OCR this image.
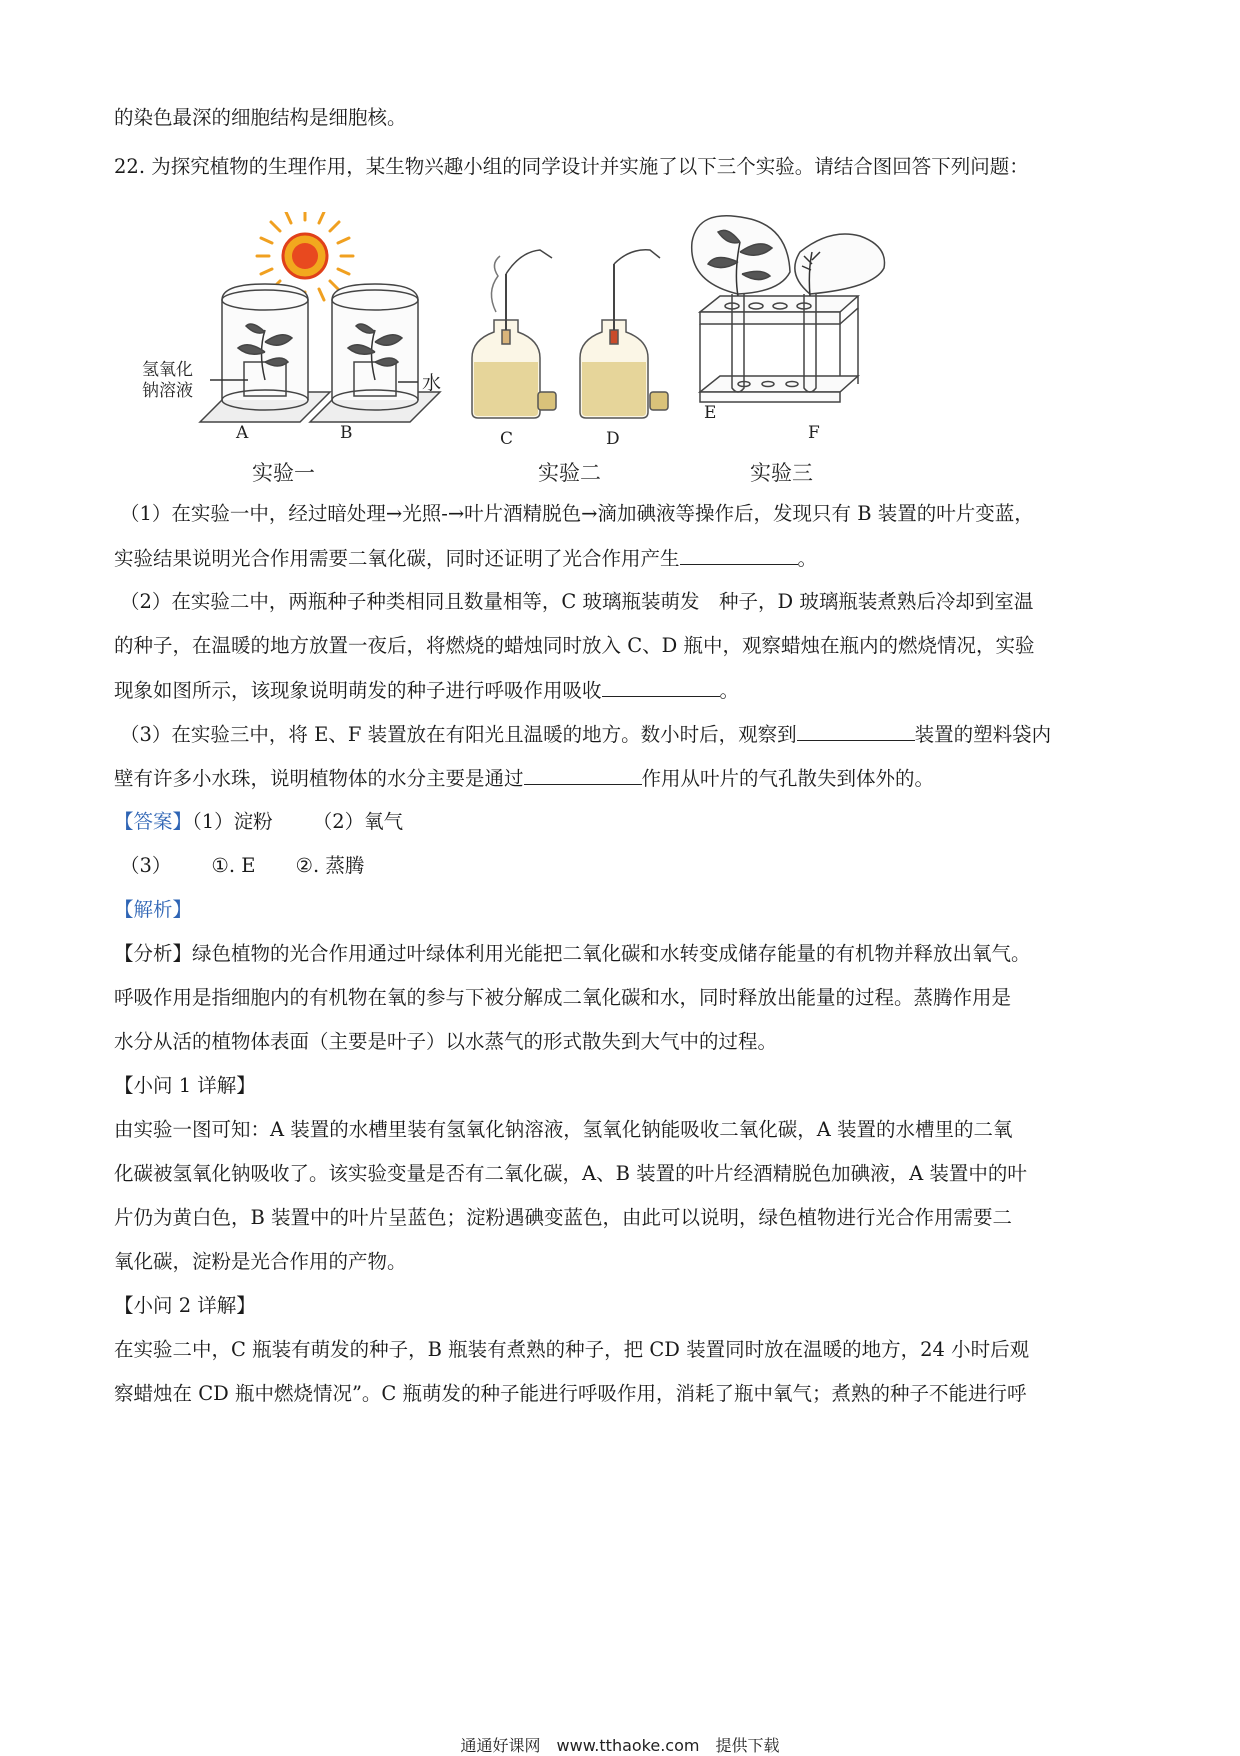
的染色最深的细胞结构是细胞核。
22. 为探究植物的生理作用，某生物兴趣小组的同学设计并实施了以下三个实验。请结合图回答下列问题：
氢氧化
钠溶液	水
A	B
实验一
C	D
实验二
E
F
实验三
（1）在实验一中，经过暗处理→光照-→叶片酒精脱色→滴加碘液等操作后，发现只有 B 装置的叶片变蓝，
实验结果说明光合作用需要二氧化碳，同时还证明了光合作用产生	。
（2）在实验二中，两瓶种子种类相同且数量相等，C 玻璃瓶装萌发　种子，D 玻璃瓶装煮熟后冷却到室温
的种子，在温暖的地方放置一夜后，将燃烧的蜡烛同时放入 C、D 瓶中，观察蜡烛在瓶内的燃烧情况，实验
现象如图所示，该现象说明萌发的种子进行呼吸作用吸收	。
（3）在实验三中，将 E、F 装置放在有阳光且温暖的地方。数小时后，观察到	装置的塑料袋内
壁有许多小水珠，说明植物体的水分主要是通过	作用从叶片的气孔散失到体外的。
【答案】（1）淀粉 （2）氧气
（3） ①. E ②. 蒸腾
【解析】
【分析】绿色植物的光合作用通过叶绿体利用光能把二氧化碳和水转变成储存能量的有机物并释放出氧气。
呼吸作用是指细胞内的有机物在氧的参与下被分解成二氧化碳和水，同时释放出能量的过程。蒸腾作用是
水分从活的植物体表面（主要是叶子）以水蒸气的形式散失到大气中的过程。
【小问 1 详解】
由实验一图可知：A 装置的水槽里装有氢氧化钠溶液，氢氧化钠能吸收二氧化碳，A 装置的水槽里的二氧
化碳被氢氧化钠吸收了。该实验变量是否有二氧化碳，A、B 装置的叶片经酒精脱色加碘液，A 装置中的叶
片仍为黄白色，B 装置中的叶片呈蓝色；淀粉遇碘变蓝色，由此可以说明，绿色植物进行光合作用需要二
氧化碳，淀粉是光合作用的产物。
【小问 2 详解】
在实验二中，C 瓶装有萌发的种子，B 瓶装有煮熟的种子，把 CD 装置同时放在温暖的地方，24 小时后观
察蜡烛在 CD 瓶中燃烧情况”。C 瓶萌发的种子能进行呼吸作用，消耗了瓶中氧气；煮熟的种子不能进行呼
通通好课网　www.tthaoke.com　提供下载
